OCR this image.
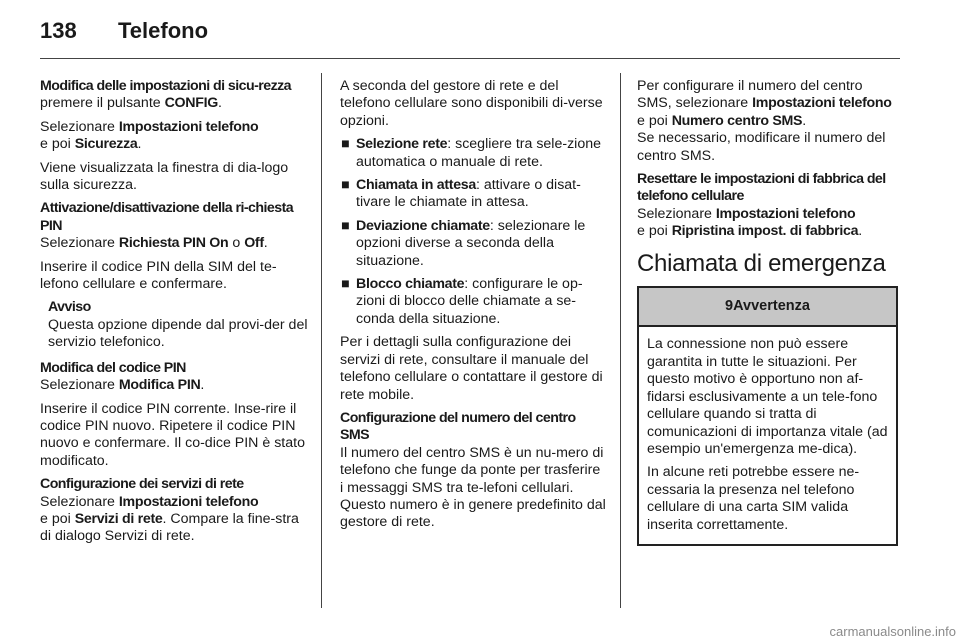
138 Telefono
Modifica delle impostazioni di sicu-rezza

premere il pulsante CONFIG.

Selezionare Impostazioni telefono
e poi Sicurezza.

Viene visualizzata la finestra di dia-logo sulla sicurezza.

Attivazione/disattivazione della ri-chiesta PIN

Selezionare Richiesta PIN On o Off.

Inserire il codice PIN della SIM del te-lefono cellulare e confermare.

Avviso
Questa opzione dipende dal provi-der del servizio telefonico.
Modifica del codice PIN

Selezionare Modifica PIN.

Inserire il codice PIN corrente. Inse-rire il codice PIN nuovo. Ripetere il codice PIN nuovo e confermare. Il co-dice PIN è stato modificato.

Configurazione dei servizi di rete

Selezionare Impostazioni telefono
e poi Servizi di rete. Compare la fine-stra di dialogo Servizi di rete.

A seconda del gestore di rete e del telefono cellulare sono disponibili di-verse opzioni.

■ Selezione rete: scegliere tra sele-zione automatica o manuale di rete.
■ Chiamata in attesa: attivare o disat-tivare le chiamate in attesa.
■ Deviazione chiamate: selezionare le opzioni diverse a seconda della situazione.
■ Blocco chiamate: configurare le op-zioni di blocco delle chiamate a se-conda della situazione.

Per i dettagli sulla configurazione dei servizi di rete, consultare il manuale del telefono cellulare o contattare il gestore di rete mobile.

Configurazione del numero del centro SMS

Il numero del centro SMS è un nu-mero di telefono che funge da ponte per trasferire i messaggi SMS tra te-lefoni cellulari. Questo numero è in genere predefinito dal gestore di rete.

Per configurare il numero del centro SMS, selezionare Impostazioni telefono e poi Numero centro SMS.
Se necessario, modificare il numero del centro SMS.

Resettare le impostazioni di fabbrica del telefono cellulare

Selezionare Impostazioni telefono
e poi Ripristina impost. di fabbrica.

Chiamata di emergenza
9Avvertenza

La connessione non può essere garantita in tutte le situazioni. Per questo motivo è opportuno non af-fidarsi esclusivamente a un tele-fono cellulare quando si tratta di comunicazioni di importanza vitale (ad esempio un'emergenza me-dica).

In alcune reti potrebbe essere ne-cessaria la presenza nel telefono cellulare di una carta SIM valida inserita correttamente.

carmanualsonline.info
